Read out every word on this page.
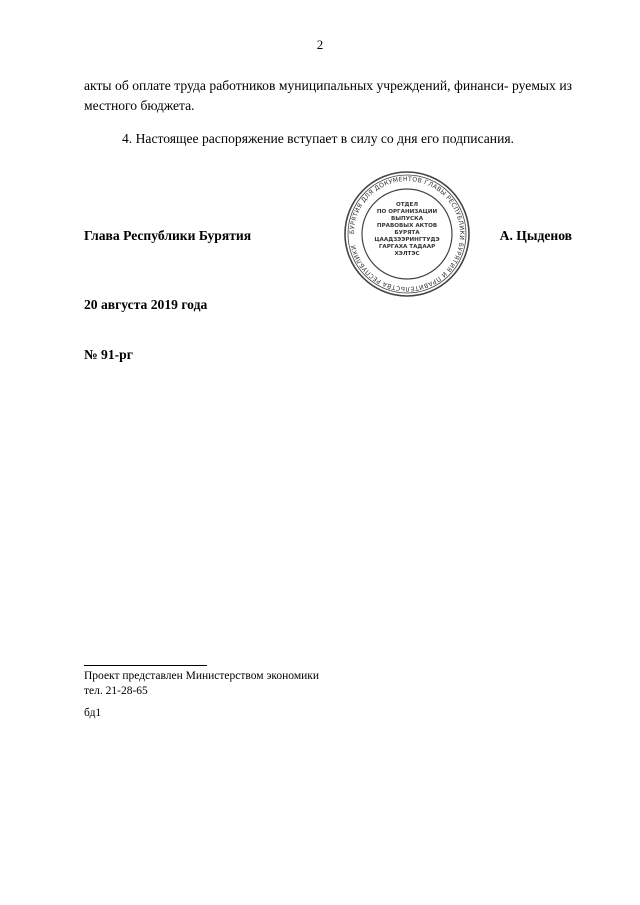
2
акты об оплате труда работников муниципальных учреждений, финанси- руемых из местного бюджета.
4. Настоящее распоряжение вступает в силу со дня его подписания.
Глава Республики Бурятия	А. Цыденов
БУРЯТИЯ ДЛЯ ДОКУМЕНТОВ ГЛАВЫ РЕСПУБЛИКИ БУРЯТИЯ И ПРАВИТЕЛЬСТВА РЕСПУБЛИКИ
ОТДЕЛ
ПО ОРГАНИЗАЦИИ
ВЫПУСКА
ПРАВОВЫХ АКТОВ
БУРЯТА
ЦААДЗЭЭРИНГТУДЭ
ГАРГАХА ТАДААР
ХЭЛТЭС
20 августа 2019 года
№ 91-рг
Проект представлен Министерством экономики
тел. 21-28-65
бд1
